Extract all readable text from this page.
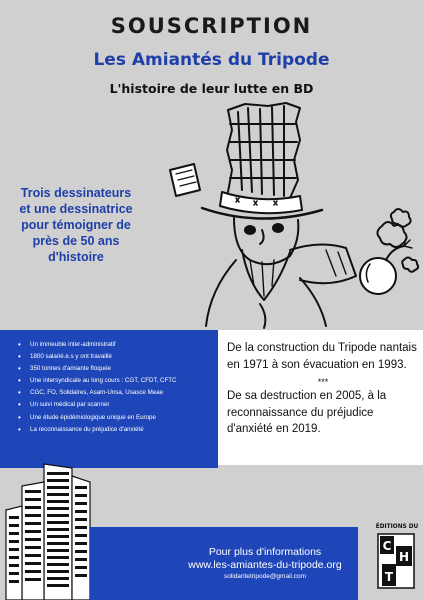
SOUSCRIPTION
Les Amiantés du Tripode
L'histoire de leur lutte en BD
Trois dessinateurs
et une dessinatrice
pour témoigner de
près de 50 ans
d'histoire
• Un immeuble inter-administratif
• 1800 salarié.e.s y ont travaillé
• 350 tonnes d'amiante floquée
• Une intersyndicale au long cours : CGT, CFDT, CFTC
• CGC, FO, Solidaires, Asam-Unsa, Usasce Meae
• Un suivi médical par scanner
• Une étude épidémiologique unique en Europe
• La reconnaissance du préjudice d'anxiété

De la construction du Tripode nantais en 1971 à son évacuation en 1993.

***

De sa destruction en 2005, à la reconnaissance du préjudice d'anxiété en 2019.

Pour plus d'informations
www.les-amiantes-du-tripode.org
solidaritetripode@gmail.com
ÉDITIONS DU
C
H
T
